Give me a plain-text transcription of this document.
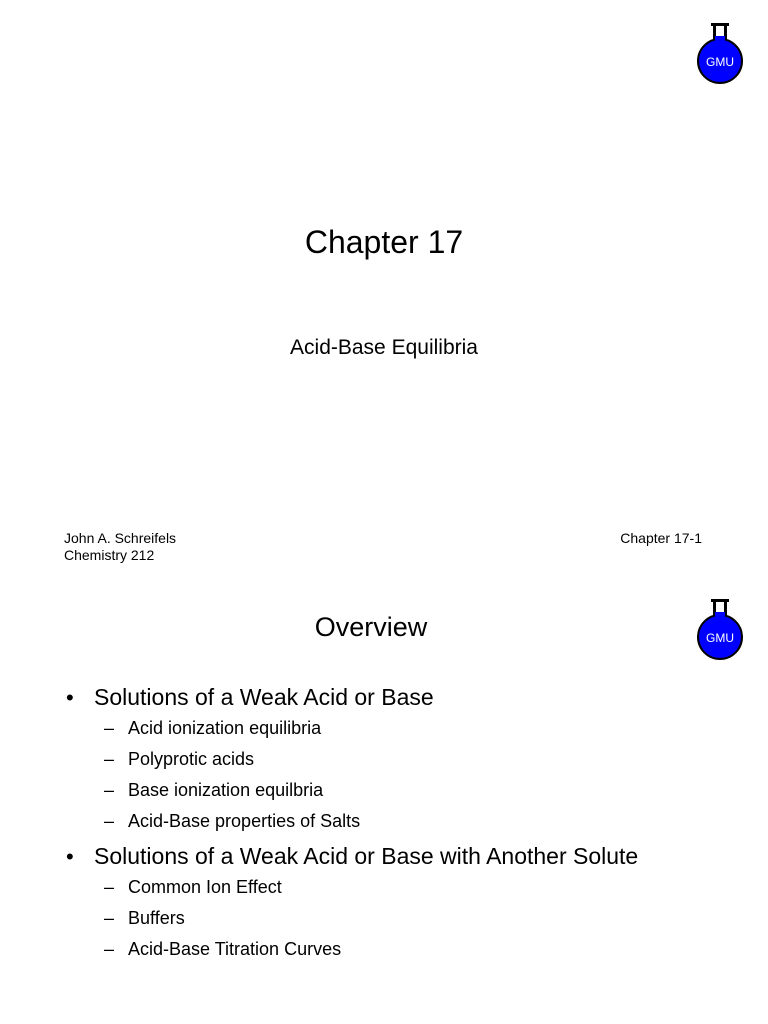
GMU
Chapter 17
Acid-Base Equilibria
John A. Schreifels
Chemistry 212
Chapter 17-1
GMU
Overview
• Solutions of a Weak Acid or Base
– Acid ionization equilibria
– Polyprotic acids
– Base ionization equilbria
– Acid-Base properties of Salts
• Solutions of a Weak Acid or Base with Another Solute
– Common Ion Effect
– Buffers
– Acid-Base Titration Curves
